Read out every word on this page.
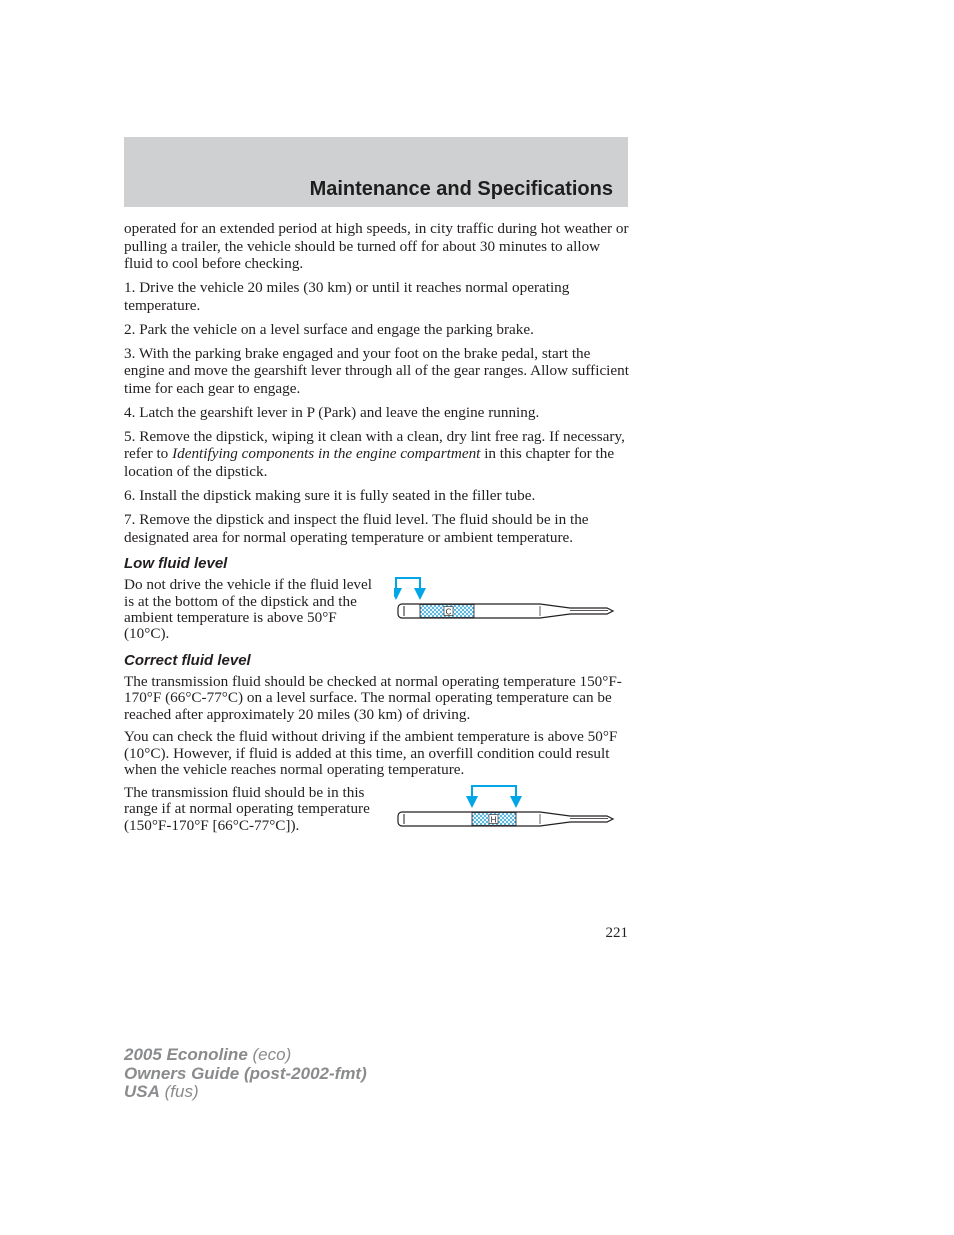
Maintenance and Specifications

operated for an extended period at high speeds, in city traffic during hot weather or pulling a trailer, the vehicle should be turned off for about 30 minutes to allow fluid to cool before checking.

1. Drive the vehicle 20 miles (30 km) or until it reaches normal operating temperature.

2. Park the vehicle on a level surface and engage the parking brake.

3. With the parking brake engaged and your foot on the brake pedal, start the engine and move the gearshift lever through all of the gear ranges. Allow sufficient time for each gear to engage.

4. Latch the gearshift lever in P (Park) and leave the engine running.

5. Remove the dipstick, wiping it clean with a clean, dry lint free rag. If necessary, refer to Identifying components in the engine compartment in this chapter for the location of the dipstick.

6. Install the dipstick making sure it is fully seated in the filler tube.

7. Remove the dipstick and inspect the fluid level. The fluid should be in the designated area for normal operating temperature or ambient temperature.

Low fluid level
Do not drive the vehicle if the fluid level is at the bottom of the dipstick and the ambient temperature is above 50°F (10°C).
C
Correct fluid level

The transmission fluid should be checked at normal operating temperature 150°F-170°F (66°C-77°C) on a level surface. The normal operating temperature can be reached after approximately 20 miles (30 km) of driving.

You can check the fluid without driving if the ambient temperature is above 50°F (10°C). However, if fluid is added at this time, an overfill condition could result when the vehicle reaches normal operating temperature.

The transmission fluid should be in this range if at normal operating temperature (150°F-170°F [66°C-77°C]).	H
221
2005 Econoline (eco)
Owners Guide (post-2002-fmt)
USA (fus)
